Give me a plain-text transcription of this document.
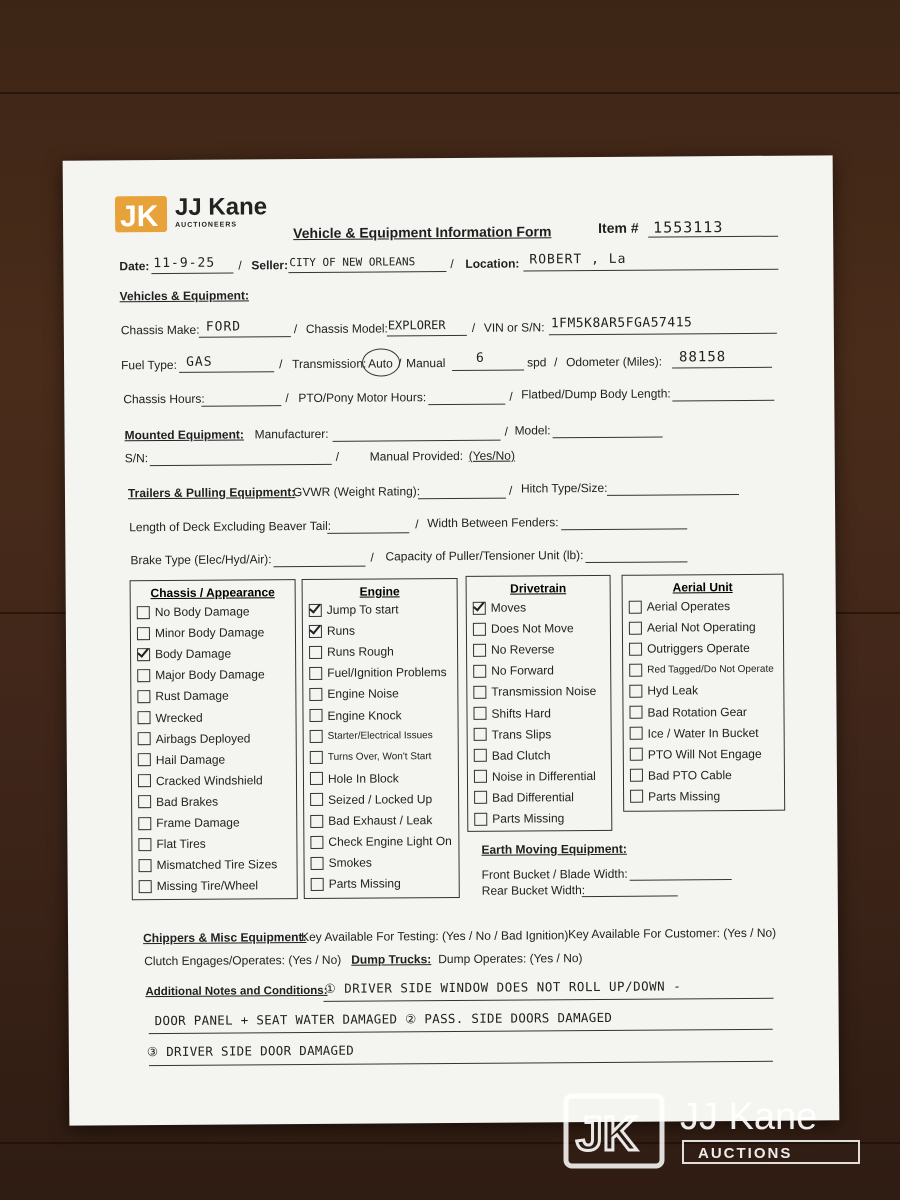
JK JJ Kane
AUCTIONEERS	Vehicle & Equipment Information Form	Item # 1553113
Date: 11-9-25 / Seller: CITY OF NEW ORLEANS	/ Location: ROBERT , La
Vehicles & Equipment:
Chassis Make: FORD	/ Chassis Model: EXPLORER / VIN or S/N: 1FM5K8AR5FGA57415
Fuel Type: GAS	/ Transmission: Auto / Manual 6	spd / Odometer (Miles): 88158
Chassis Hours:	/ PTO/Pony Motor Hours:	/ Flatbed/Dump Body Length:
Mounted Equipment: Manufacturer:	/ Model:
S/N:	/	Manual Provided: (Yes/No)
Trailers & Pulling Equipment:
GVWR (Weight Rating):	/ Hitch Type/Size:
Length of Deck Excluding Beaver Tail:	/ Width Between Fenders:
Brake Type (Elec/Hyd/Air):	/ Capacity of Puller/Tensioner Unit (lb):
Chassis / Appearance
No Body Damage
Minor Body Damage
Body Damage
Major Body Damage
Rust Damage
Wrecked
Airbags Deployed
Hail Damage
Cracked Windshield
Bad Brakes
Frame Damage
Flat Tires
Mismatched Tire Sizes
Missing Tire/Wheel
Engine
Jump To start
Runs
Runs Rough
Fuel/Ignition Problems
Engine Noise
Engine Knock
Starter/Electrical Issues
Turns Over, Won't Start
Hole In Block
Seized / Locked Up
Bad Exhaust / Leak
Check Engine Light On
Smokes
Parts Missing
Drivetrain
Moves
Does Not Move
No Reverse
No Forward
Transmission Noise
Shifts Hard
Trans Slips
Bad Clutch
Noise in Differential
Bad Differential
Parts Missing
Aerial Unit
Aerial Operates
Aerial Not Operating
Outriggers Operate
Red Tagged/Do Not Operate
Hyd Leak
Bad Rotation Gear
Ice / Water In Bucket
PTO Will Not Engage
Bad PTO Cable
Parts Missing
Earth Moving Equipment:
Front Bucket / Blade Width:
Rear Bucket Width:
Chippers & Misc Equipment:
Key Available For Testing: (Yes / No / Bad Ignition) Key Available For Customer: (Yes / No)
Clutch Engages/Operates: (Yes / No) Dump Trucks: Dump Operates: (Yes / No)
Additional Notes and Conditions:
① DRIVER SIDE WINDOW DOES NOT ROLL UP/DOWN -
DOOR PANEL + SEAT WATER DAMAGED ② PASS. SIDE DOORS DAMAGED
③ DRIVER SIDE DOOR DAMAGED
JK JJ Kane
AUCTIONS
